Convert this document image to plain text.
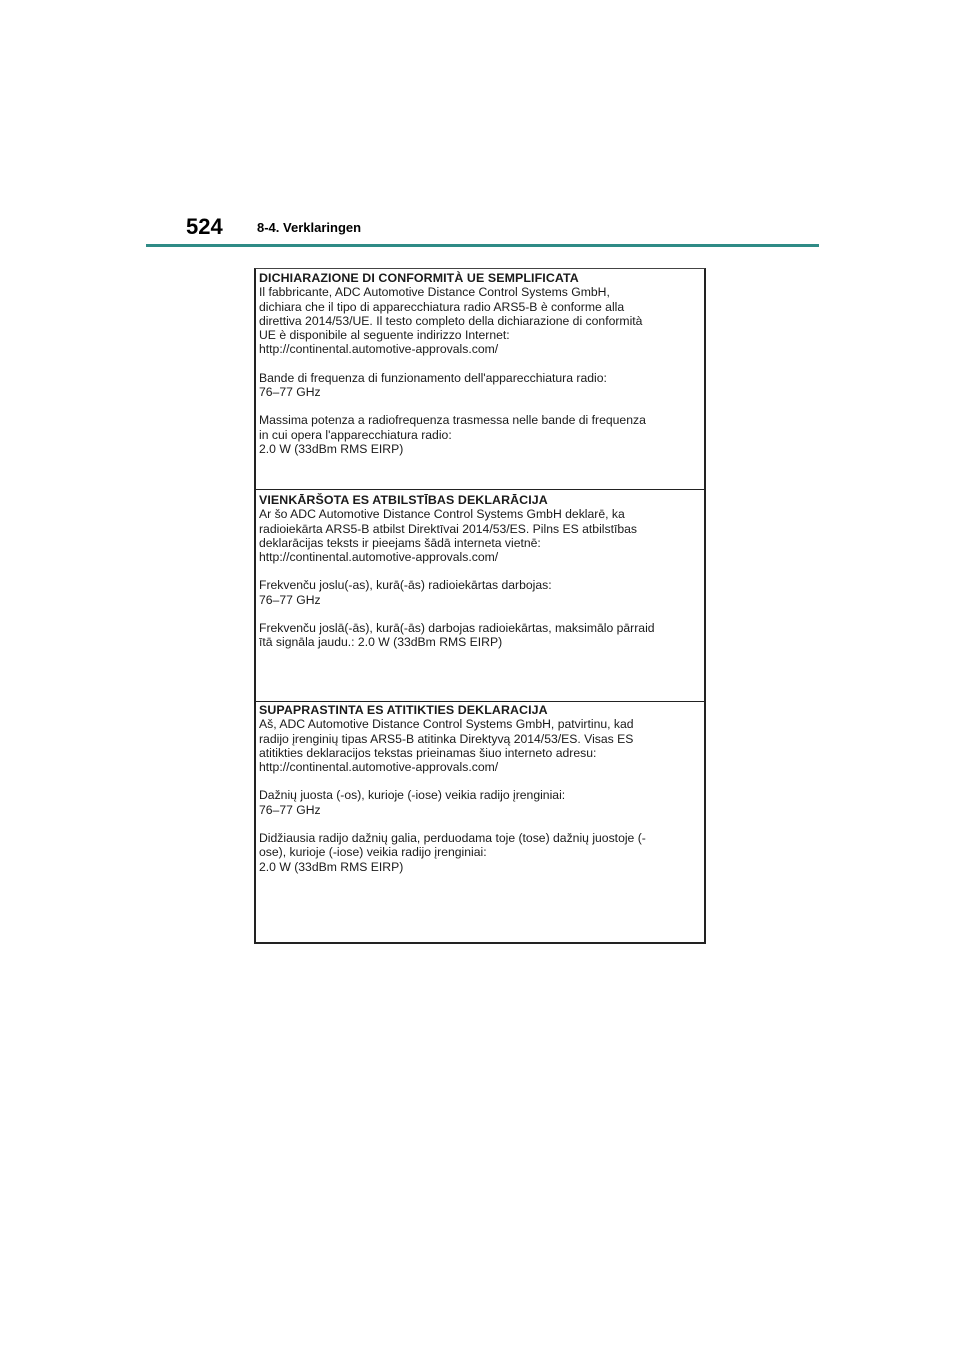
524	8-4. Verklaringen
DICHIARAZIONE DI CONFORMITÀ UE SEMPLIFICATA
Il fabbricante, ADC Automotive Distance Control Systems GmbH,
dichiara che il tipo di apparecchiatura radio ARS5-B è conforme alla
direttiva 2014/53/UE. Il testo completo della dichiarazione di conformità
UE è disponibile al seguente indirizzo Internet:
http://continental.automotive-approvals.com/
Bande di frequenza di funzionamento dell'apparecchiatura radio:
76–77 GHz
Massima potenza a radiofrequenza trasmessa nelle bande di frequenza
in cui opera l'apparecchiatura radio:
2.0 W (33dBm RMS EIRP)
VIENKĀRŠOTA ES ATBILSTĪBAS DEKLARĀCIJA
Ar šo ADC Automotive Distance Control Systems GmbH deklarē, ka
radioiekārta ARS5-B atbilst Direktīvai 2014/53/ES. Pilns ES atbilstības
deklarācijas teksts ir pieejams šādā interneta vietnē:
http://continental.automotive-approvals.com/
Frekvenču joslu(-as), kurā(-ās) radioiekārtas darbojas:
76–77 GHz
Frekvenču joslā(-ās), kurā(-ās) darbojas radioiekārtas, maksimālo pārraid
ītā signāla jaudu.: 2.0 W (33dBm RMS EIRP)
SUPAPRASTINTA ES ATITIKTIES DEKLARACIJA
Aš, ADC Automotive Distance Control Systems GmbH, patvirtinu, kad
radijo įrenginių tipas ARS5-B atitinka Direktyvą 2014/53/ES. Visas ES
atitikties deklaracijos tekstas prieinamas šiuo interneto adresu:
http://continental.automotive-approvals.com/
Dažnių juosta (-os), kurioje (-iose) veikia radijo įrenginiai:
76–77 GHz
Didžiausia radijo dažnių galia, perduodama toje (tose) dažnių juostoje (-
ose), kurioje (-iose) veikia radijo įrenginiai:
2.0 W (33dBm RMS EIRP)
